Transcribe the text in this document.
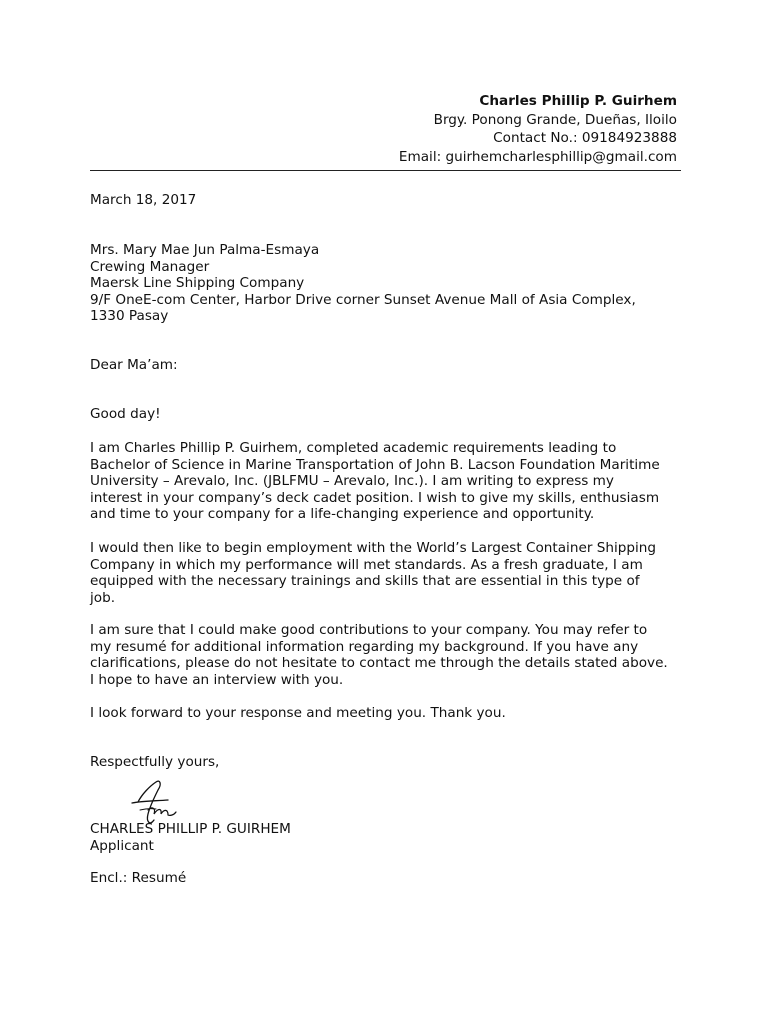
Charles Phillip P. Guirhem
Brgy. Ponong Grande, Dueñas, Iloilo
Contact No.: 09184923888
Email: guirhemcharlesphillip@gmail.com
March 18, 2017
Mrs. Mary Mae Jun Palma-Esmaya
Crewing Manager
Maersk Line Shipping Company
9/F OneE-com Center, Harbor Drive corner Sunset Avenue Mall of Asia Complex,
1330 Pasay
Dear Ma’am:
Good day!
I am Charles Phillip P. Guirhem, completed academic requirements leading to
Bachelor of Science in Marine Transportation of John B. Lacson Foundation Maritime
University – Arevalo, Inc. (JBLFMU – Arevalo, Inc.). I am writing to express my
interest in your company’s deck cadet position. I wish to give my skills, enthusiasm
and time to your company for a life-changing experience and opportunity.
I would then like to begin employment with the World’s Largest Container Shipping
Company in which my performance will met standards. As a fresh graduate, I am
equipped with the necessary trainings and skills that are essential in this type of
job.
I am sure that I could make good contributions to your company. You may refer to
my resumé for additional information regarding my background. If you have any
clarifications, please do not hesitate to contact me through the details stated above.
I hope to have an interview with you.
I look forward to your response and meeting you. Thank you.
Respectfully yours,
CHARLES PHILLIP P. GUIRHEM
Applicant
Encl.: Resumé
